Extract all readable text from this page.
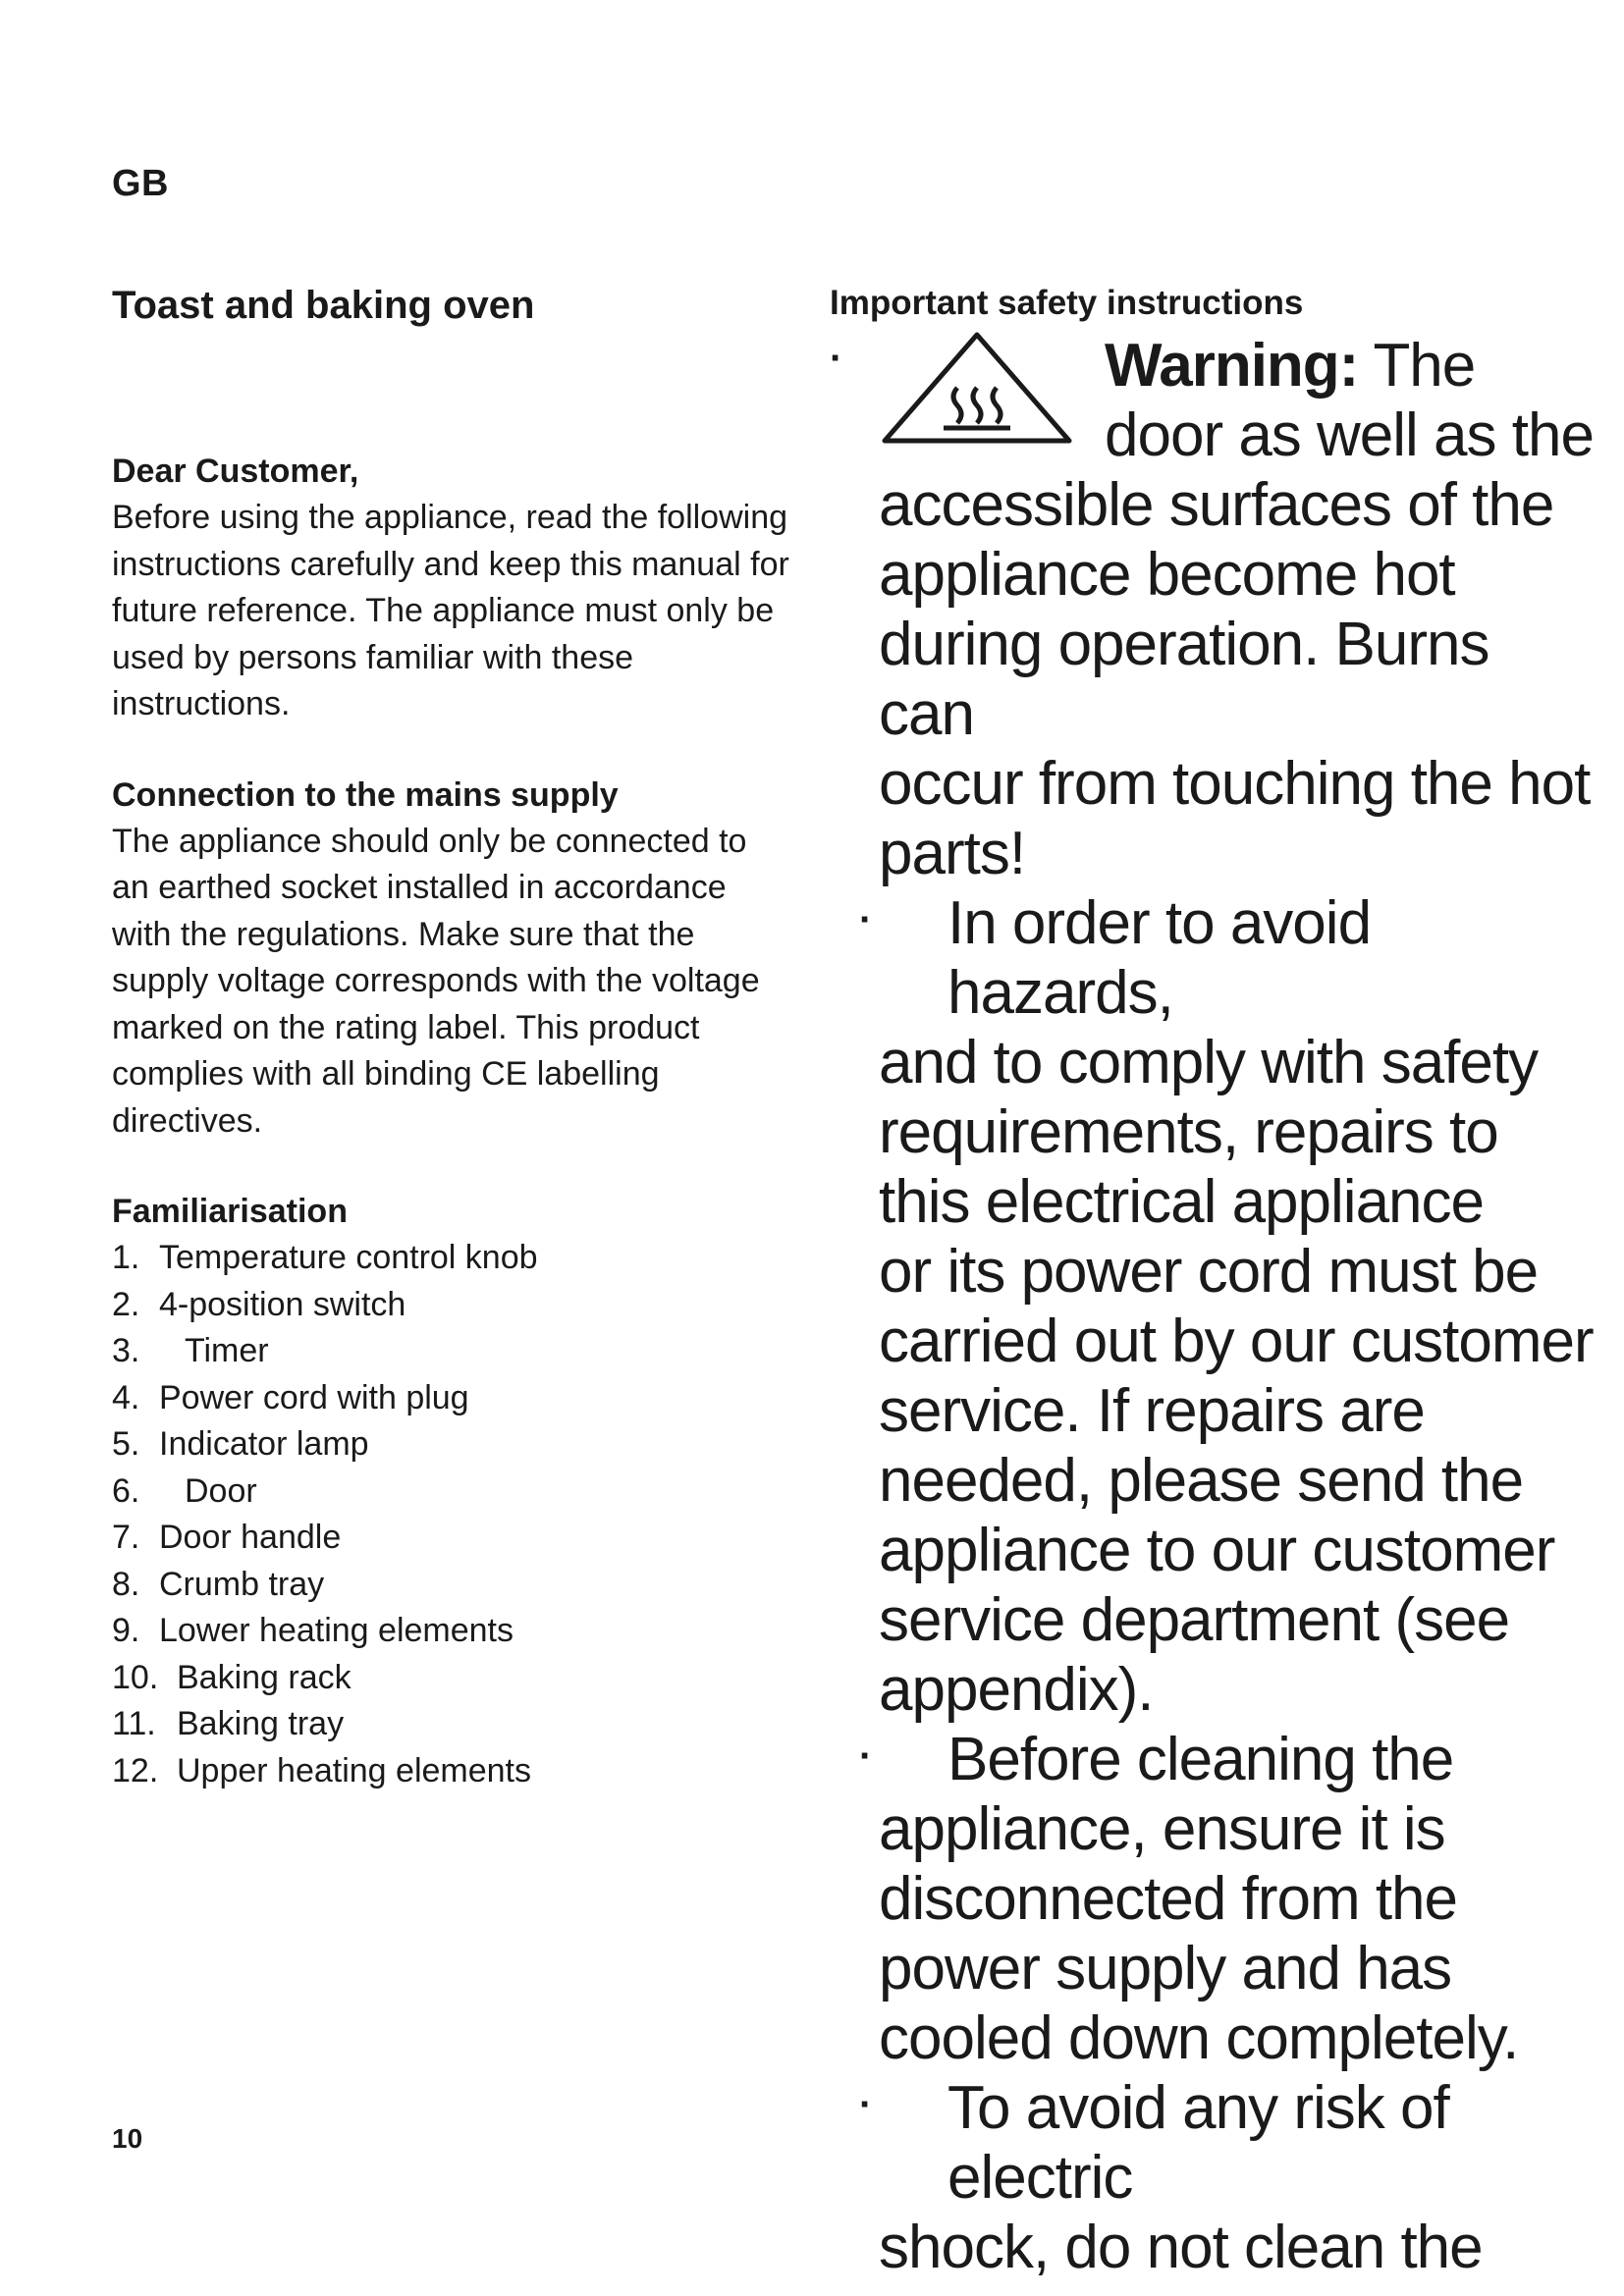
GB
Toast and baking oven
Dear Customer,

Before using the appliance, read the following instructions carefully and keep this manual for future reference. The appliance must only be used by persons familiar with these instructions.

Connection to the mains supply

The appliance should only be connected to an earthed socket installed in accordance with the regulations. Make sure that the supply voltage corresponds with the voltage marked on the rating label. This product complies with all binding CE labelling directives.

Familiarisation
1. Temperature control knob
2. 4-position switch
3.	Timer
4. Power cord with plug
5. Indicator lamp
6.	Door
7. Door handle
8. Crumb tray
9. Lower heating elements
10. Baking rack
11. Baking tray
12. Upper heating elements
Important safety instructions
·	Warning: The

door as well as the

accessible surfaces of the

appliance become hot

during operation. Burns can

occur from touching the hot

parts!

·	In order to avoid hazards,

and to comply with safety

requirements, repairs to

this electrical appliance

or its power cord must be

carried out by our customer

service. If repairs are

needed, please send the

appliance to our customer

service department (see

appendix).

·	Before cleaning the

appliance, ensure it is

disconnected from the

power supply and has

cooled down completely.

·	To avoid any risk of electric

shock, do not clean the

10
